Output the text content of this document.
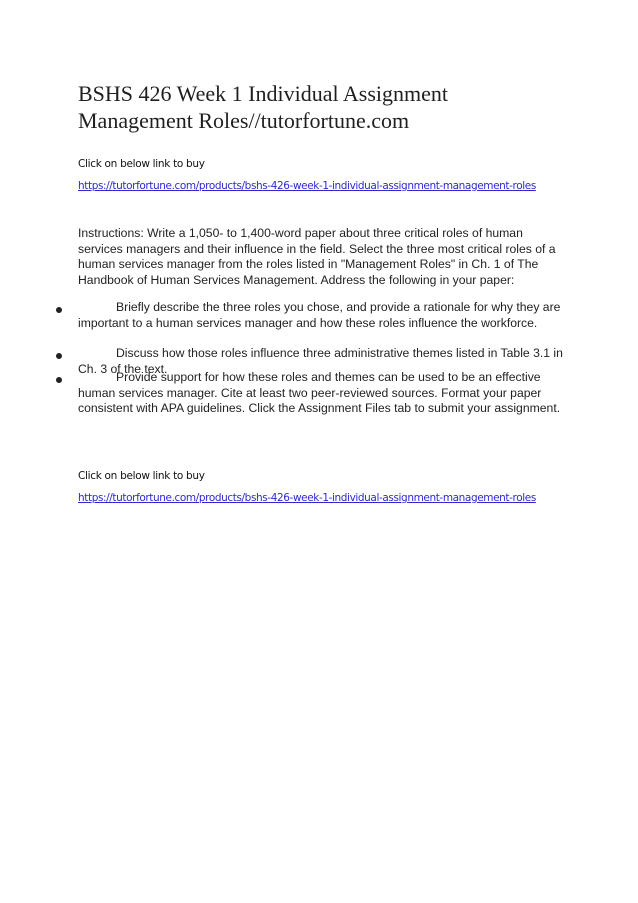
BSHS 426 Week 1 Individual Assignment
Management Roles//tutorfortune.com
Click on below link to buy
https://tutorfortune.com/products/bshs-426-week-1-individual-assignment-management-roles

Instructions: Write a 1,050- to 1,400-word paper about three critical roles of human services managers and their influence in the field. Select the three most critical roles of a human services manager from the roles listed in "Management Roles" in Ch. 1 of The Handbook of Human Services Management. Address the following in your paper:

Briefly describe the three roles you chose, and provide a rationale for why they are important to a human services manager and how these roles influence the workforce.

Discuss how those roles influence three administrative themes listed in Table 3.1 in Ch. 3 of the text.

Provide support for how these roles and themes can be used to be an effective human services manager. Cite at least two peer-reviewed sources. Format your paper consistent with APA guidelines. Click the Assignment Files tab to submit your assignment.

Click on below link to buy
https://tutorfortune.com/products/bshs-426-week-1-individual-assignment-management-roles
